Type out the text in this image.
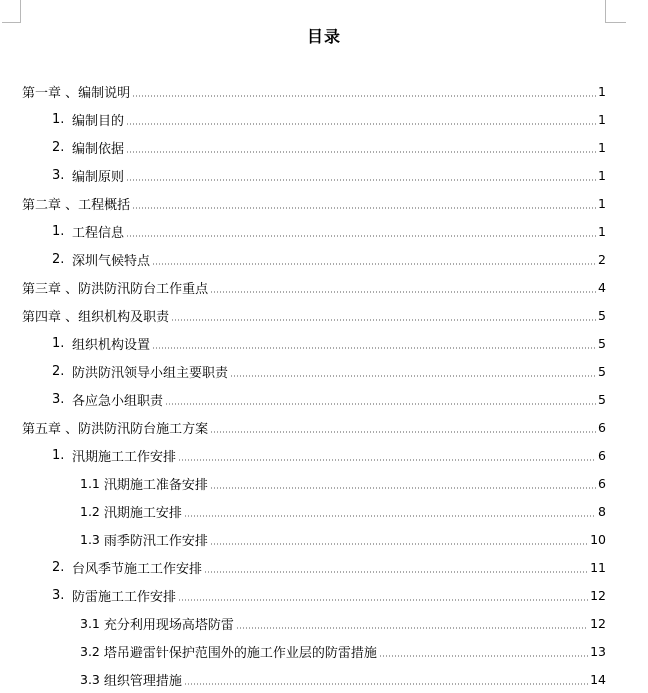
目录
第一章 、 编制说明	1
1. 编制目的	1
2. 编制依据	1
3. 编制原则	1
第二章 、 工程概括	1
1. 工程信息	1
2. 深圳气候特点	2
第三章 、 防洪防汛防台工作重点	4
第四章 、 组织机构及职责	5
1. 组织机构设置	5
2. 防洪防汛领导小组主要职责	5
3. 各应急小组职责	5
第五章 、 防洪防汛防台施工方案	6
1. 汛期施工工作安排	6
1.1 汛期施工准备安排	6
1.2 汛期施工安排	8
1.3 雨季防汛工作安排	10
2. 台风季节施工工作安排	11
3. 防雷施工工作安排	12
3.1 充分利用现场高塔防雷	12
3.2 塔吊避雷针保护范围外的施工作业层的防雷措施	13
3.3 组织管理措施	14
